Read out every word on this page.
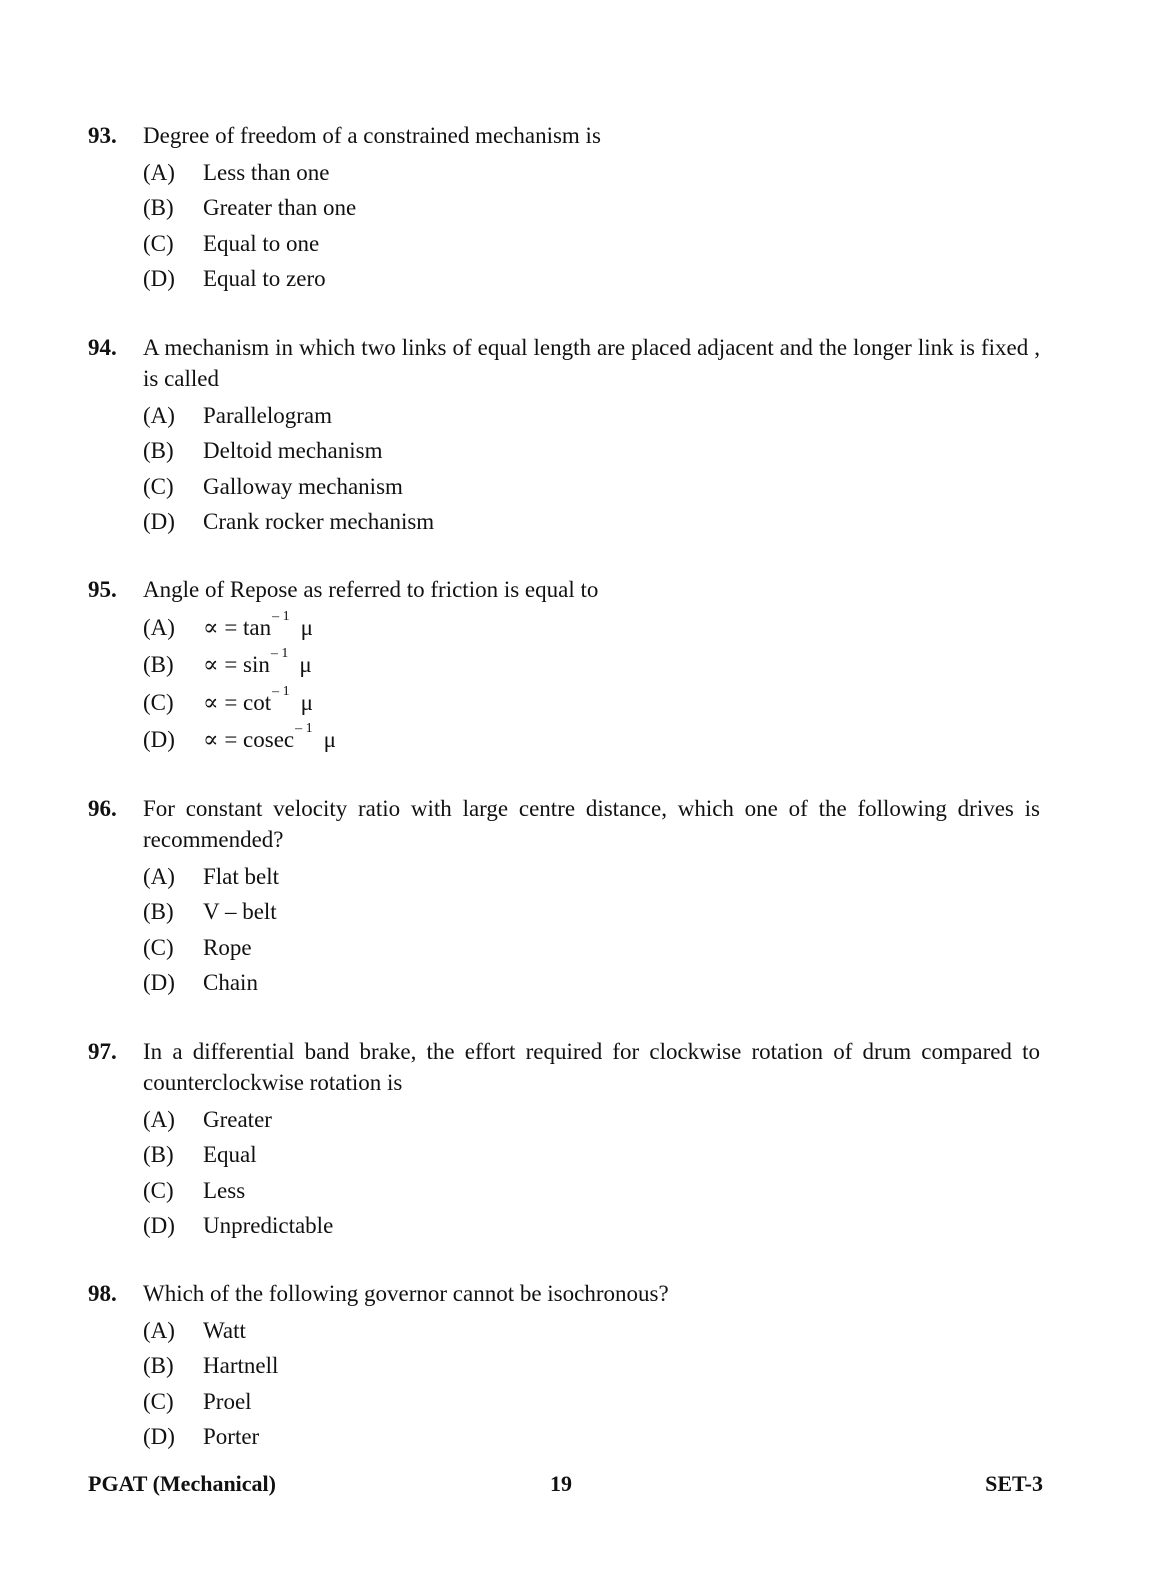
93.	Degree of freedom of a constrained mechanism is
(A)	Less than one
(B)	Greater than one
(C)	Equal to one
(D)	Equal to zero
94.	A mechanism in which two links of equal length are placed adjacent and the longer link is fixed , is called
(A)	Parallelogram
(B)	Deltoid mechanism
(C)	Galloway mechanism
(D)	Crank rocker mechanism
95.	Angle of Repose as referred to friction is equal to
(A)	∝ = tan – 1 μ
(B)	∝ = sin – 1 μ
(C)	∝ = cot – 1 μ
(D)	∝ = cosec – 1 μ
96.	For constant velocity ratio with large centre distance, which one of the following drives is recommended?
(A)	Flat belt
(B)	V – belt
(C)	Rope
(D)	Chain
97.	In a differential band brake, the effort required for clockwise rotation of drum compared to counterclockwise rotation is
(A)	Greater
(B)	Equal
(C)	Less
(D)	Unpredictable
98.	Which of the following governor cannot be isochronous?
(A)	Watt
(B)	Hartnell
(C)	Proel
(D)	Porter
PGAT (Mechanical)	19	SET-3
